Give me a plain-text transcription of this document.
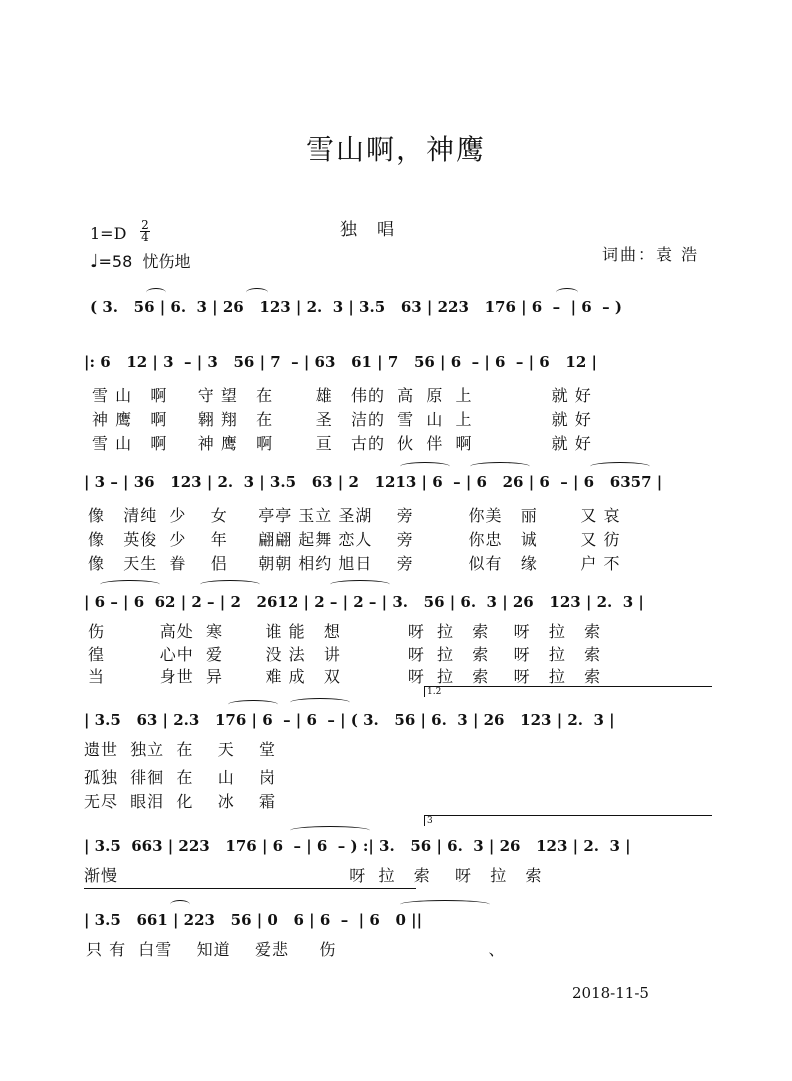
雪山啊，神鹰
独唱
1=D 2
4
♩=58 忧伤地	词曲：袁 浩
( 3.   56 | 6.  3 | 26   123 | 2.  3 | 3.5   63 | 223   176 | 6  –  | 6  – )
|: 6   12 | 3  – | 3   56 | 7  – | 63   61 | 7   56 | 6  – | 6  – | 6   12 |
雪 山   啊     守 望   在       雄   伟的  高  原  上             就 好
神 鹰   啊     翱 翔   在       圣   洁的  雪  山  上             就 好
雪 山   啊     神 鹰   啊       亘   古的  伙  伴  啊             就 好
| 3 – | 36   123 | 2.  3 | 3.5   63 | 2   1213 | 6  – | 6   26 | 6  – | 6   6357 |
像   清纯  少    女     亭亭 玉立 圣湖    旁         你美   丽       又 哀
像   英俊  少    年     翩翩 起舞 恋人    旁         你忠   诚       又 彷
像   天生  眷    侣     朝朝 相约 旭日    旁         似有   缘       户 不
| 6 – | 6  62 | 2 – | 2   2612 | 2 – | 2 – | 3.   56 | 6.  3 | 26   123 | 2.  3 |
伤         高处  寒       谁 能   想           呀  拉   索    呀   拉   索
徨         心中  爱       没 法   讲           呀  拉   索    呀   拉   索
当         身世  异       难 成   双           呀  拉   索    呀   拉   索
1.2
| 3.5   63 | 2.3   176 | 6  – | 6  – | ( 3.   56 | 6.  3 | 26   123 | 2.  3 |
遗世  独立  在    天    堂
孤独  徘徊  在    山    岗
无尽  眼泪  化    冰    霜
3
| 3.5  663 | 223   176 | 6  – | 6  – ) :| 3.   56 | 6.  3 | 26   123 | 2.  3 |
渐慢                                      呀  拉   索    呀   拉   索
| 3.5   661 | 223   56 | 0   6 | 6  –  | 6   0 ||
只 有  白雪    知道    爱悲     伤                         、
2018-11-5
